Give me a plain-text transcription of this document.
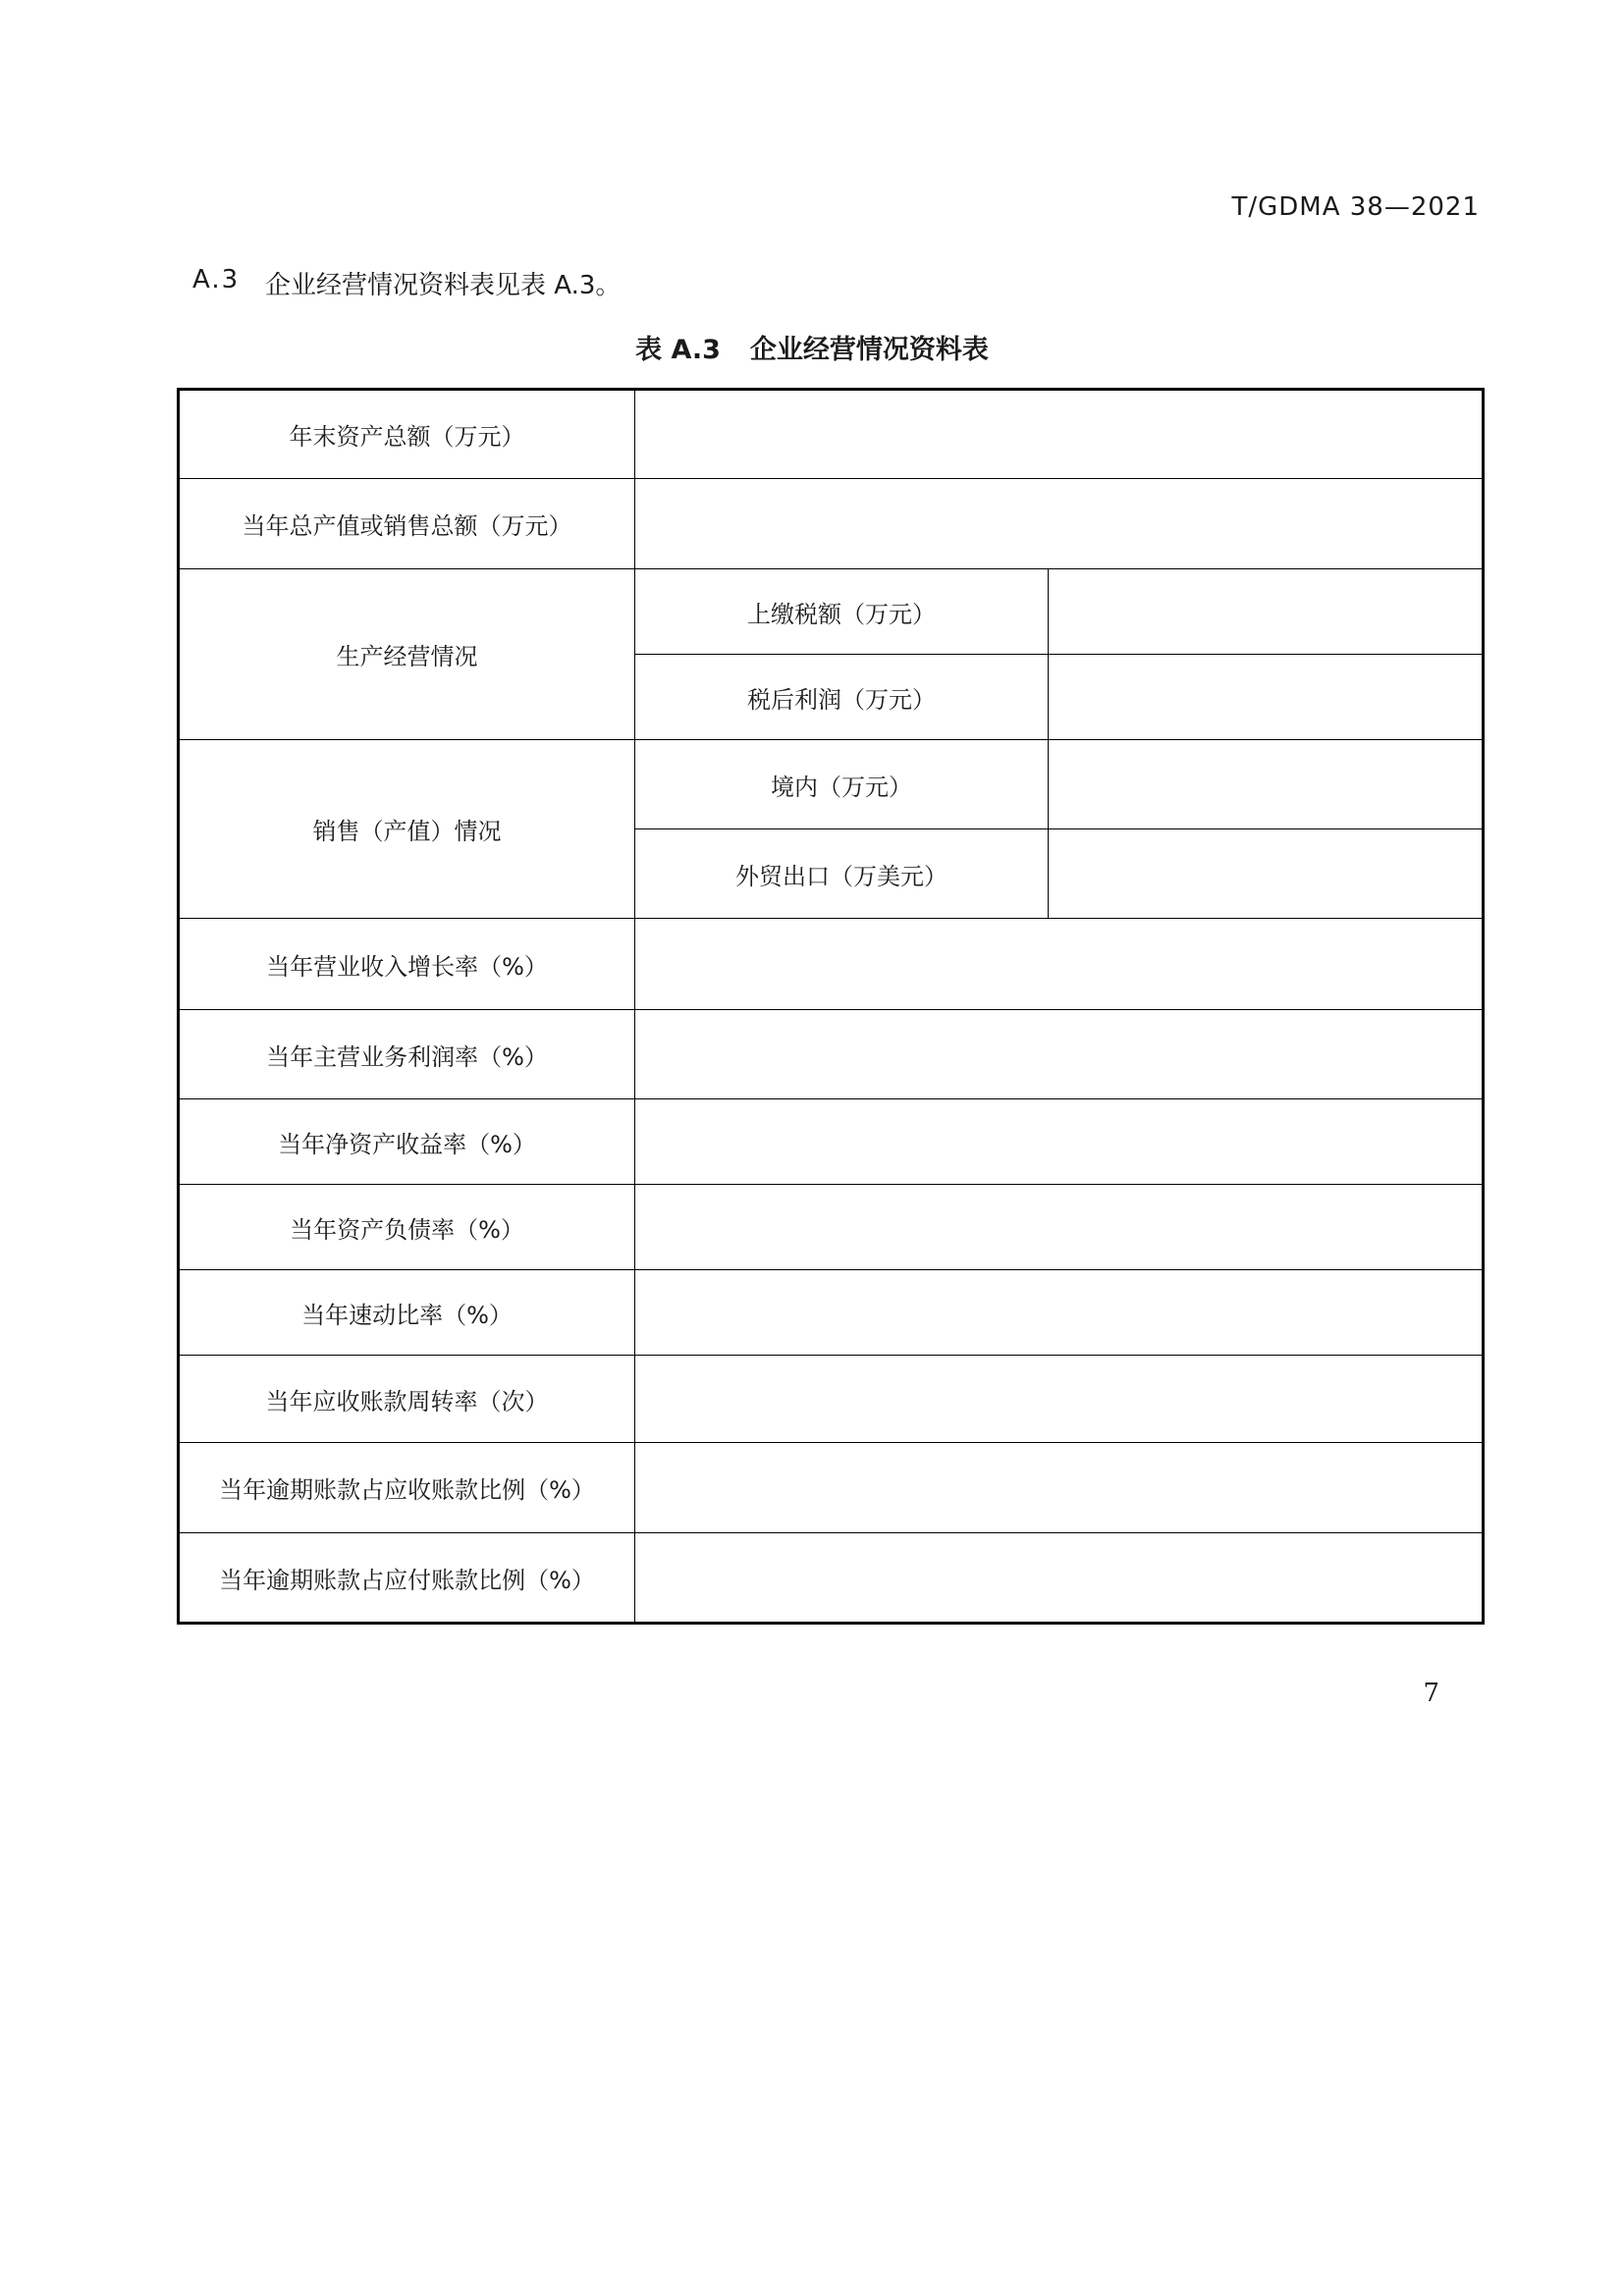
T/GDMA 38—2021
A.3 企业经营情况资料表见表 A.3。
表 A.3 企业经营情况资料表
年末资产总额（万元）		
当年总产值或销售总额（万元）		
生产经营情况	上缴税额（万元）	
	税后利润（万元）	
销售（产值）情况	境内（万元）	
	外贸出口（万美元）	
当年营业收入增长率（%）		
当年主营业务利润率（%）		
当年净资产收益率（%）		
当年资产负债率（%）		
当年速动比率（%）		
当年应收账款周转率（次）		
当年逾期账款占应收账款比例（%）		
当年逾期账款占应付账款比例（%）		
7
